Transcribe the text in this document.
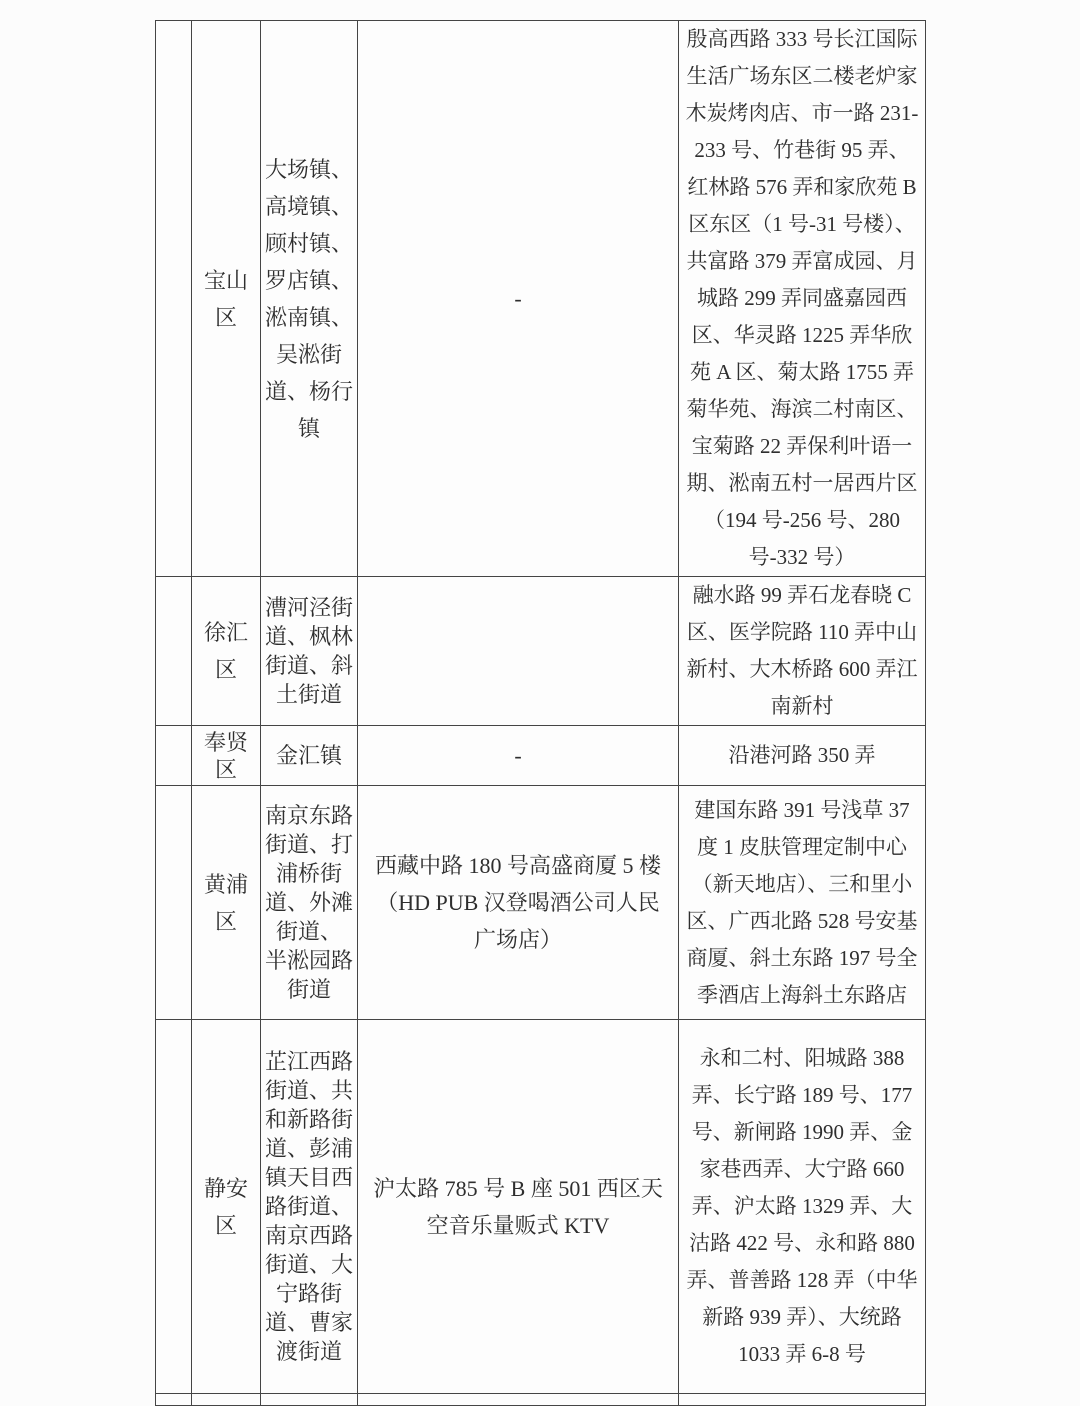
	宝山区	大场镇、高境镇、顾村镇、罗店镇、淞南镇、吴淞街道、杨行镇	-	殷高西路 333 号长江国际生活广场东区二楼老炉家木炭烤肉店、市一路 231-233 号、竹巷街 95 弄、红林路 576 弄和家欣苑 B 区东区（1 号-31 号楼）、共富路 379 弄富成园、月城路 299 弄同盛嘉园西区、华灵路 1225 弄华欣苑 A 区、菊太路 1755 弄菊华苑、海滨二村南区、宝菊路 22 弄保利叶语一期、淞南五村一居西片区（194 号-256 号、280 号-332 号）

	徐汇区	漕河泾街道、枫林街道、斜土街道		融水路 99 弄石龙春晓 C 区、医学院路 110 弄中山新村、大木桥路 600 弄江南新村

	奉贤区	金汇镇	-	沿港河路 350 弄

	黄浦区	南京东路街道、打浦桥街道、外滩街道、 半淞园路街道	西藏中路 180 号高盛商厦 5 楼（HD PUB 汉登喝酒公司人民广场店）	建国东路 391 号浅草 37 度 1 皮肤管理定制中心（新天地店）、三和里小区、广西北路 528 号安基商厦、斜土东路 197 号全季酒店上海斜土东路店

	静安区	芷江西路街道、共和新路街道、彭浦镇天目西路街道、南京西路街道、大宁路街道、曹家渡街道	沪太路 785 号 B 座 501 西区天空音乐量贩式 KTV	永和二村、阳城路 388 弄、长宁路 189 号、177 号、新闸路 1990 弄、金家巷西弄、大宁路 660 弄、沪太路 1329 弄、大沽路 422 号、永和路 880 弄、普善路 128 弄（中华新路 939 弄）、大统路 1033 弄 6-8 号
